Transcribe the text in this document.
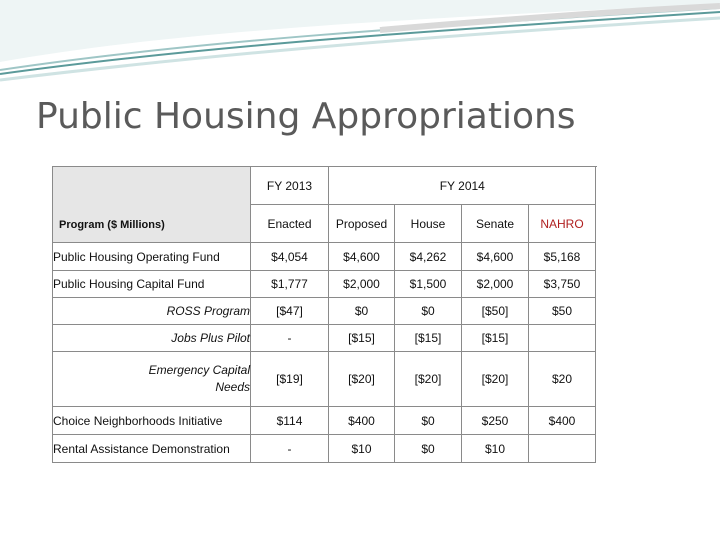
Public Housing Appropriations
Program ($ Millions)	FY 2013	FY 2014				
	Enacted	Proposed	House	Senate	NAHRO	
Public Housing Operating Fund	$4,054	$4,600	$4,262	$4,600	$5,168	
Public Housing Capital Fund	$1,777	$2,000	$1,500	$2,000	$3,750	
ROSS Program	[$47]	$0	$0	[$50]	$50	
Jobs Plus Pilot	-	[$15]	[$15]	[$15]		
Emergency Capital Needs	[$19]	[$20]	[$20]	[$20]	$20	
Choice Neighborhoods Initiative	$114	$400	$0	$250	$400	
Rental Assistance Demonstration	-	$10	$0	$10		
